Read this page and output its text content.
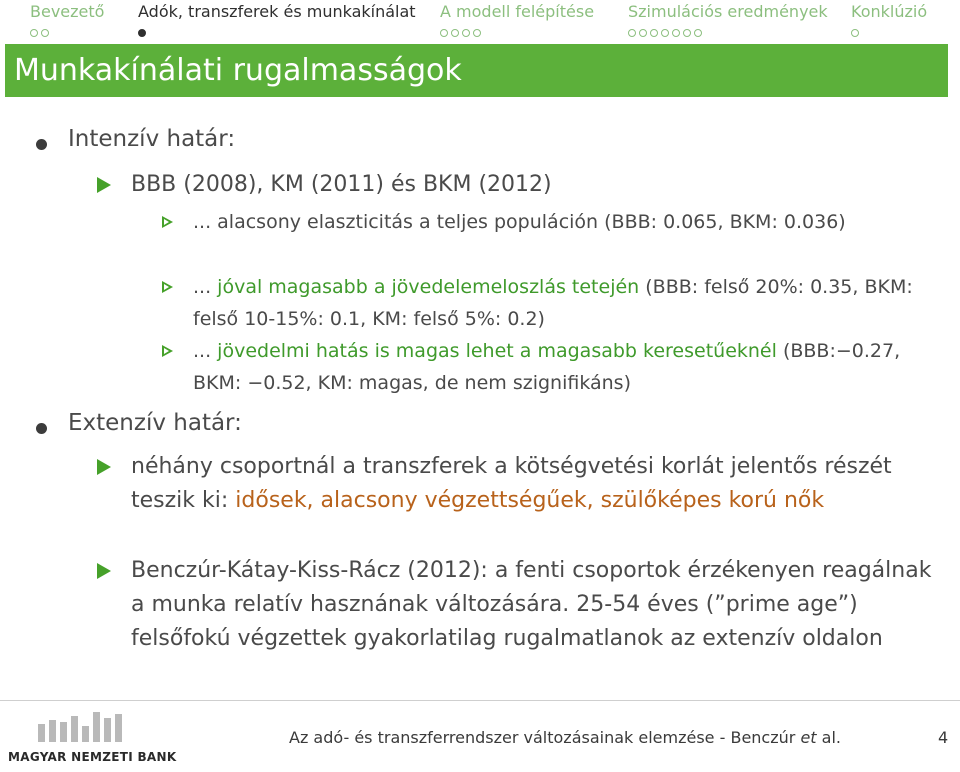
Bevezető Adók, transzferek és munkakínálat A modell felépítése Szimulációs eredmények Konklúzió
Munkakínálati rugalmasságok
Intenzív határ:
BBB (2008), KM (2011) és BKM (2012)
... alacsony elaszticitás a teljes populáción (BBB: 0.065, BKM: 0.036)
... jóval magasabb a jövedelemeloszlás tetején (BBB: felső 20%: 0.35, BKM: felső 10-15%: 0.1, KM: felső 5%: 0.2)
... jövedelmi hatás is magas lehet a magasabb keresetűeknél (BBB:−0.27, BKM: −0.52, KM: magas, de nem szignifikáns)
Extenzív határ:
néhány csoportnál a transzferek a kötségvetési korlát jelentős részét teszik ki: idősek, alacsony végzettségűek, szülőképes korú nők
Benczúr-Kátay-Kiss-Rácz (2012): a fenti csoportok érzékenyen reagálnak a munka relatív hasznának változására. 25-54 éves (”prime age”) felsőfokú végzettek gyakorlatilag rugalmatlanok az extenzív oldalon
MAGYAR NEMZETI BANK
Az adó- és transzferrendszer változásainak elemzése - Benczúr et al.	4
